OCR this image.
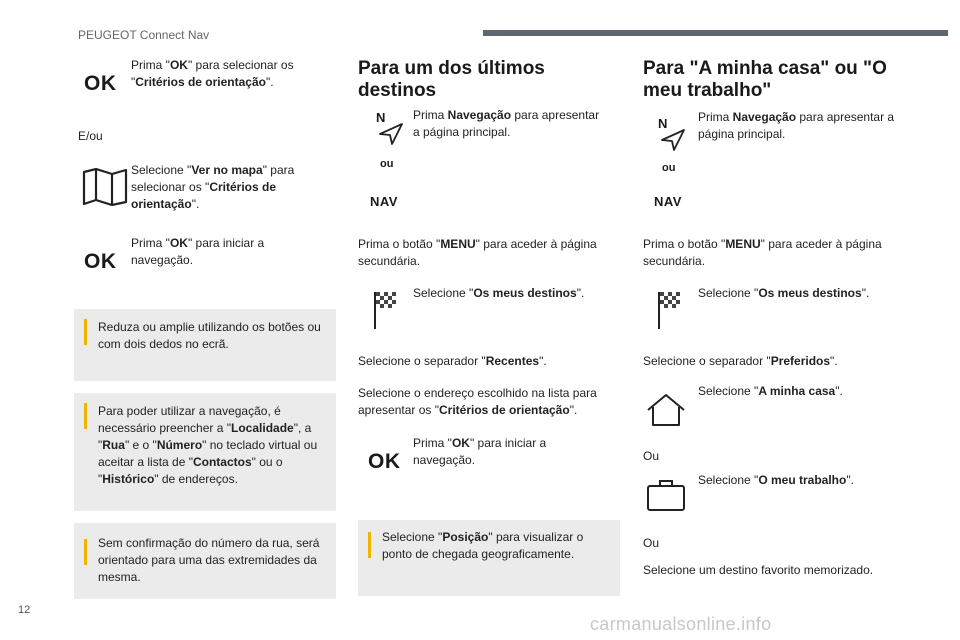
PEUGEOT Connect Nav
OK
Prima "OK" para selecionar os "Critérios de orientação".
E/ou
Selecione "Ver no mapa" para selecionar os "Critérios de orientação".
OK
Prima "OK" para iniciar a navegação.
Reduza ou amplie utilizando os botões ou com dois dedos no ecrã.
Para poder utilizar a navegação, é necessário preencher a "Localidade", a "Rua" e o "Número" no teclado virtual ou aceitar a lista de "Contactos" ou o "Histórico" de endereços.
Sem confirmação do número da rua, será orientado para uma das extremidades da mesma.
Para um dos últimos destinos
N
ou
NAV
Prima Navegação para apresentar a página principal.
Prima o botão "MENU" para aceder à página secundária.
Selecione "Os meus destinos".
Selecione o separador "Recentes".
Selecione o endereço escolhido na lista para apresentar os "Critérios de orientação".
OK
Prima "OK" para iniciar a navegação.
Selecione "Posição" para visualizar o ponto de chegada geograficamente.
Para "A minha casa" ou "O meu trabalho"
N
ou
NAV
Prima Navegação para apresentar a página principal.
Prima o botão "MENU" para aceder à página secundária.
Selecione "Os meus destinos".
Selecione o separador "Preferidos".
Selecione "A minha casa".
Ou
Selecione "O meu trabalho".
Ou
Selecione um destino favorito memorizado.
12
carmanualsonline.info
